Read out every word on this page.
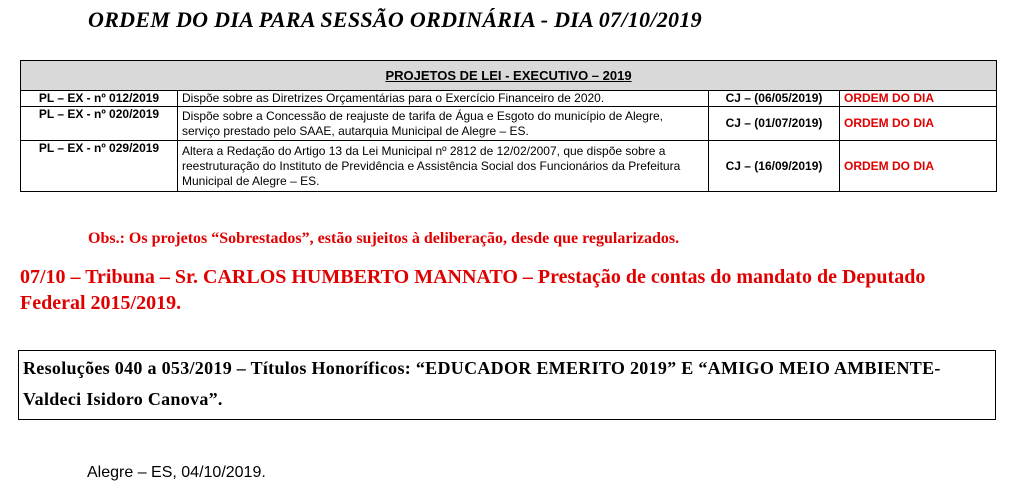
ORDEM DO DIA PARA SESSÃO ORDINÁRIA - DIA 07/10/2019
PROJETOS DE LEI - EXECUTIVO – 2019			
PL – EX - nº 012/2019	Dispõe sobre as Diretrizes Orçamentárias para o Exercício Financeiro de 2020.	CJ – (06/05/2019)	ORDEM DO DIA
PL – EX - nº 020/2019	Dispõe sobre a Concessão de reajuste de tarifa de Água e Esgoto do município de Alegre, serviço prestado pelo SAAE, autarquia Municipal de Alegre – ES.	CJ – (01/07/2019)	ORDEM DO DIA
PL – EX - nº 029/2019	Altera a Redação do Artigo 13 da Lei Municipal nº 2812 de 12/02/2007, que dispõe sobre a reestruturação do Instituto de Previdência e Assistência Social dos Funcionários da Prefeitura Municipal de Alegre – ES.	CJ – (16/09/2019)	ORDEM DO DIA
Obs.: Os projetos “Sobrestados”, estão sujeitos à deliberação, desde que regularizados.
07/10 – Tribuna – Sr. CARLOS HUMBERTO MANNATO – Prestação de contas do mandato de Deputado Federal 2015/2019.
Resoluções 040 a 053/2019 – Títulos Honoríficos: “EDUCADOR EMERITO 2019” E “AMIGO MEIO AMBIENTE-Valdeci Isidoro Canova”.
Alegre – ES, 04/10/2019.
